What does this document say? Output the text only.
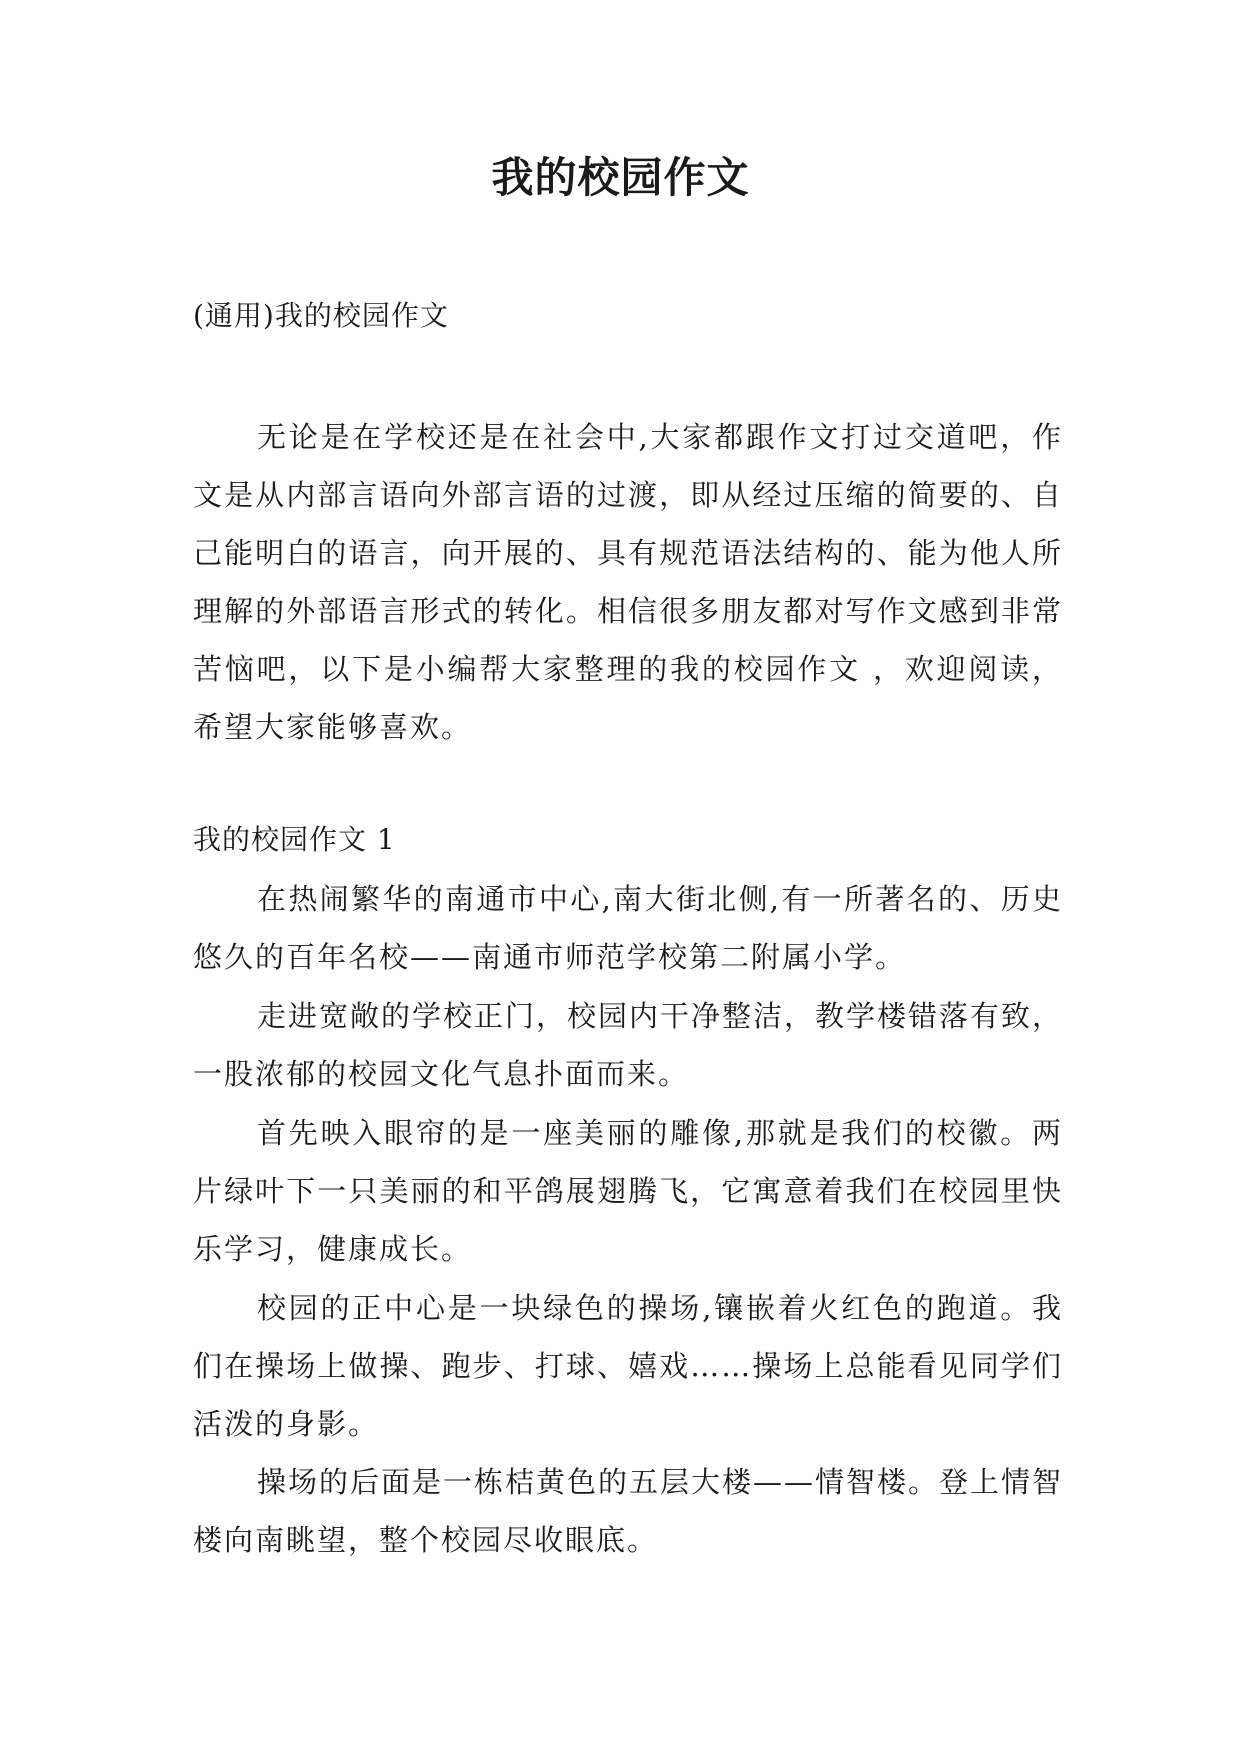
我的校园作文
(通用)我的校园作文

无论是在学校还是在社会中,大家都跟作文打过交道吧，作文是从内部言语向外部言语的过渡，即从经过压缩的简要的、自己能明白的语言，向开展的、具有规范语法结构的、能为他人所理解的外部语言形式的转化。相信很多朋友都对写作文感到非常苦恼吧，以下是小编帮大家整理的我的校园作文 ，欢迎阅读，希望大家能够喜欢。

我的校园作文 1

在热闹繁华的南通市中心,南大街北侧,有一所著名的、历史悠久的百年名校——南通市师范学校第二附属小学。

走进宽敞的学校正门，校园内干净整洁，教学楼错落有致，一股浓郁的校园文化气息扑面而来。

首先映入眼帘的是一座美丽的雕像,那就是我们的校徽。两片绿叶下一只美丽的和平鸽展翅腾飞，它寓意着我们在校园里快乐学习，健康成长。

校园的正中心是一块绿色的操场,镶嵌着火红色的跑道。我们在操场上做操、跑步、打球、嬉戏……操场上总能看见同学们活泼的身影。

操场的后面是一栋桔黄色的五层大楼——情智楼。登上情智楼向南眺望，整个校园尽收眼底。
